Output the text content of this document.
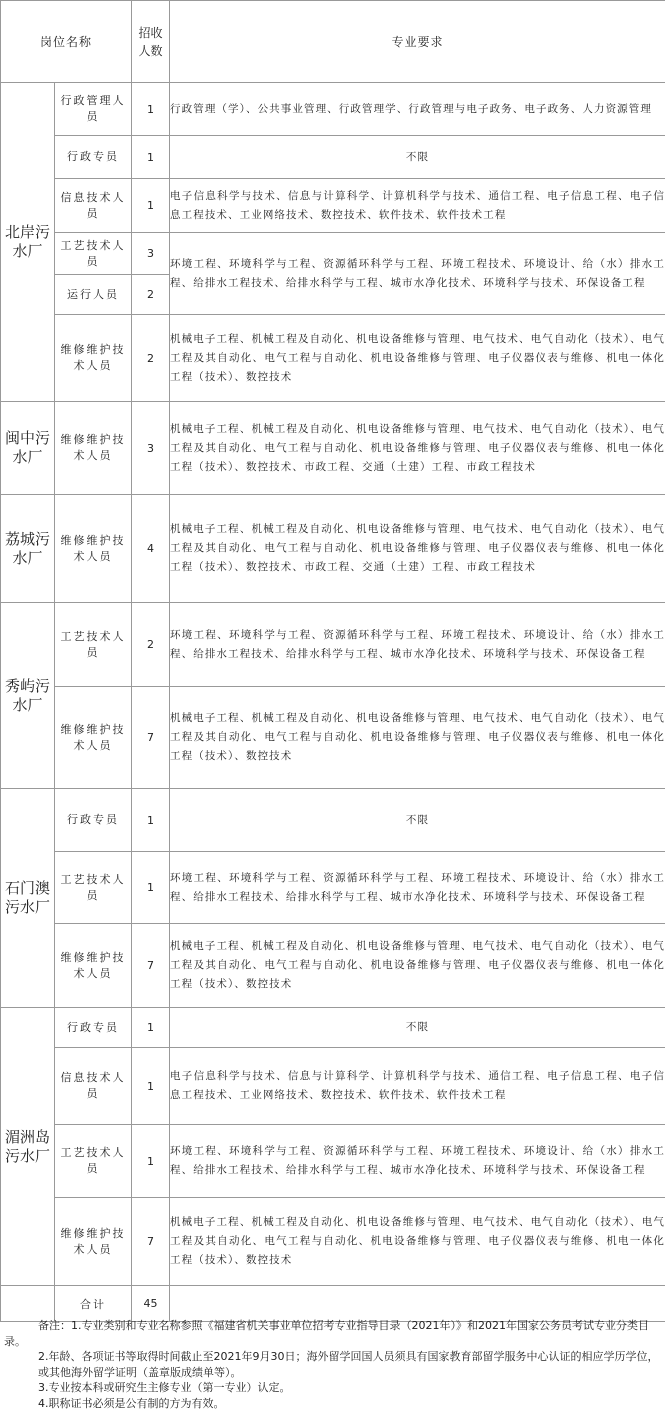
岗位名称		招收人数	专业要求
北岸污水厂	行政管理人员	1	行政管理（学）、公共事业管理、行政管理学、行政管理与电子政务、电子政务、人力资源管理
	行政专员	1	不限
	信息技术人员	1	电子信息科学与技术、信息与计算科学、计算机科学与技术、通信工程、电子信息工程、电子信息工程技术、工业网络技术、数控技术、软件技术、软件技术工程
	工艺技术人员	3	环境工程、环境科学与工程、资源循环科学与工程、环境工程技术、环境设计、给（水）排水工程、给排水工程技术、给排水科学与工程、城市水净化技术、环境科学与技术、环保设备工程
	运行人员	2	
	维修维护技术人员	2	机械电子工程、机械工程及自动化、机电设备维修与管理、电气技术、电气自动化（技术）、电气工程及其自动化、电气工程与自动化、机电设备维修与管理、电子仪器仪表与维修、机电一体化工程（技术）、数控技术
闽中污水厂	维修维护技术人员	3	机械电子工程、机械工程及自动化、机电设备维修与管理、电气技术、电气自动化（技术）、电气工程及其自动化、电气工程与自动化、机电设备维修与管理、电子仪器仪表与维修、机电一体化工程（技术）、数控技术、市政工程、交通（土建）工程、市政工程技术
荔城污水厂	维修维护技术人员	4	机械电子工程、机械工程及自动化、机电设备维修与管理、电气技术、电气自动化（技术）、电气工程及其自动化、电气工程与自动化、机电设备维修与管理、电子仪器仪表与维修、机电一体化工程（技术）、数控技术、市政工程、交通（土建）工程、市政工程技术
秀屿污水厂	工艺技术人员	2	环境工程、环境科学与工程、资源循环科学与工程、环境工程技术、环境设计、给（水）排水工程、给排水工程技术、给排水科学与工程、城市水净化技术、环境科学与技术、环保设备工程
	维修维护技术人员	7	机械电子工程、机械工程及自动化、机电设备维修与管理、电气技术、电气自动化（技术）、电气工程及其自动化、电气工程与自动化、机电设备维修与管理、电子仪器仪表与维修、机电一体化工程（技术）、数控技术
石门澳污水厂	行政专员	1	不限
	工艺技术人员	1	环境工程、环境科学与工程、资源循环科学与工程、环境工程技术、环境设计、给（水）排水工程、给排水工程技术、给排水科学与工程、城市水净化技术、环境科学与技术、环保设备工程
	维修维护技术人员	7	机械电子工程、机械工程及自动化、机电设备维修与管理、电气技术、电气自动化（技术）、电气工程及其自动化、电气工程与自动化、机电设备维修与管理、电子仪器仪表与维修、机电一体化工程（技术）、数控技术
湄洲岛污水厂	行政专员	1	不限
	信息技术人员	1	电子信息科学与技术、信息与计算科学、计算机科学与技术、通信工程、电子信息工程、电子信息工程技术、工业网络技术、数控技术、软件技术、软件技术工程
	工艺技术人员	1	环境工程、环境科学与工程、资源循环科学与工程、环境工程技术、环境设计、给（水）排水工程、给排水工程技术、给排水科学与工程、城市水净化技术、环境科学与技术、环保设备工程
	维修维护技术人员	7	机械电子工程、机械工程及自动化、机电设备维修与管理、电气技术、电气自动化（技术）、电气工程及其自动化、电气工程与自动化、机电设备维修与管理、电子仪器仪表与维修、机电一体化工程（技术）、数控技术
	合计	45	

备注：1.专业类别和专业名称参照《福建省机关事业单位招考专业指导目录（2021年）》和2021年国家公务员考试专业分类目录。

2.年龄、各项证书等取得时间截止至2021年9月30日；海外留学回国人员须具有国家教育部留学服务中心认证的相应学历学位，或其他海外留学证明（盖章版成绩单等）。

3.专业按本科或研究生主修专业（第一专业）认定。

4.职称证书必须是公有制的方为有效。
